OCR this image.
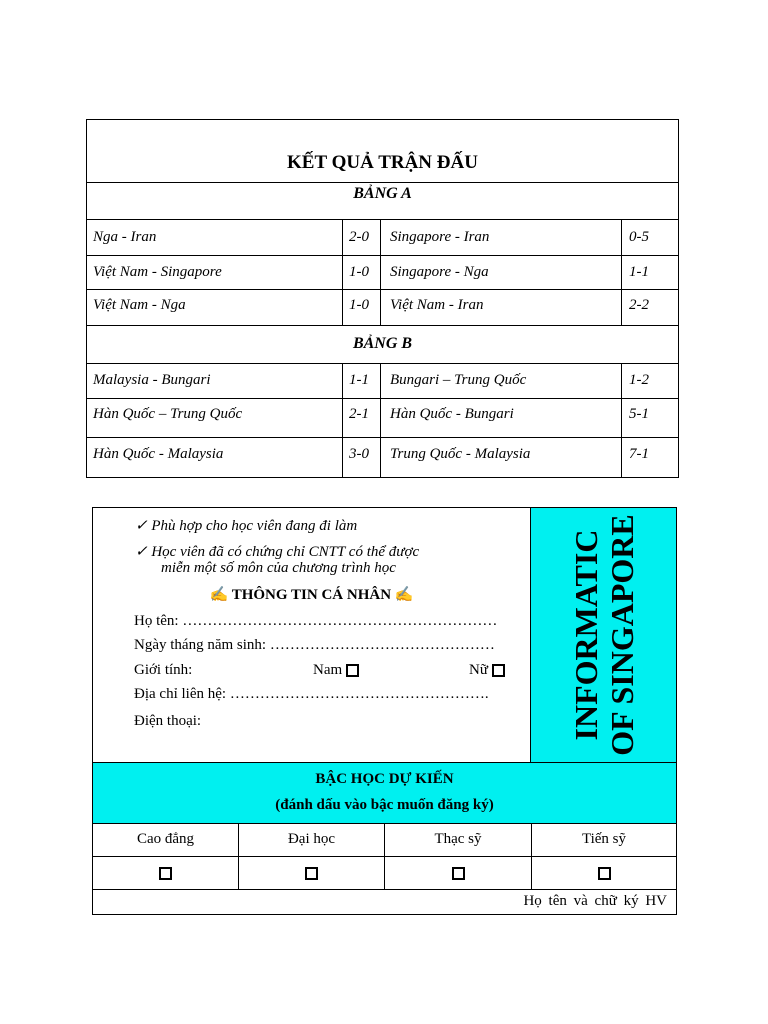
KẾT QUẢ TRẬN ĐẤU
BẢNG A
Nga - Iran	2-0 Singapore - Iran	0-5
Việt Nam - Singapore	1-0 Singapore - Nga	1-1
Việt Nam - Nga	1-0 Việt Nam - Iran	2-2
BẢNG B
Malaysia - Bungari	1-1 Bungari – Trung Quốc	1-2
Hàn Quốc – Trung Quốc	2-1 Hàn Quốc - Bungari	5-1
Hàn Quốc - Malaysia	3-0 Trung Quốc - Malaysia	7-1
✓ Phù hợp cho học viên đang đi làm
✓ Học viên đã có chứng chỉ CNTT có thể được
miễn một số môn của chương trình học
✍ THÔNG TIN CÁ NHÂN ✍
Họ tên: ………………………………………………………
Ngày tháng năm sinh: ………………………………………
Giới tính:	Nam	Nữ
Địa chỉ liên hệ: …………………………………………….
Điện thoại:	INFORMATIC OF SINGAPORE
BẬC HỌC DỰ KIẾN
(đánh dấu vào bậc muốn đăng ký)
Cao đẳng	Đại học	Thạc sỹ	Tiến sỹ
Họ tên và chữ ký HV
